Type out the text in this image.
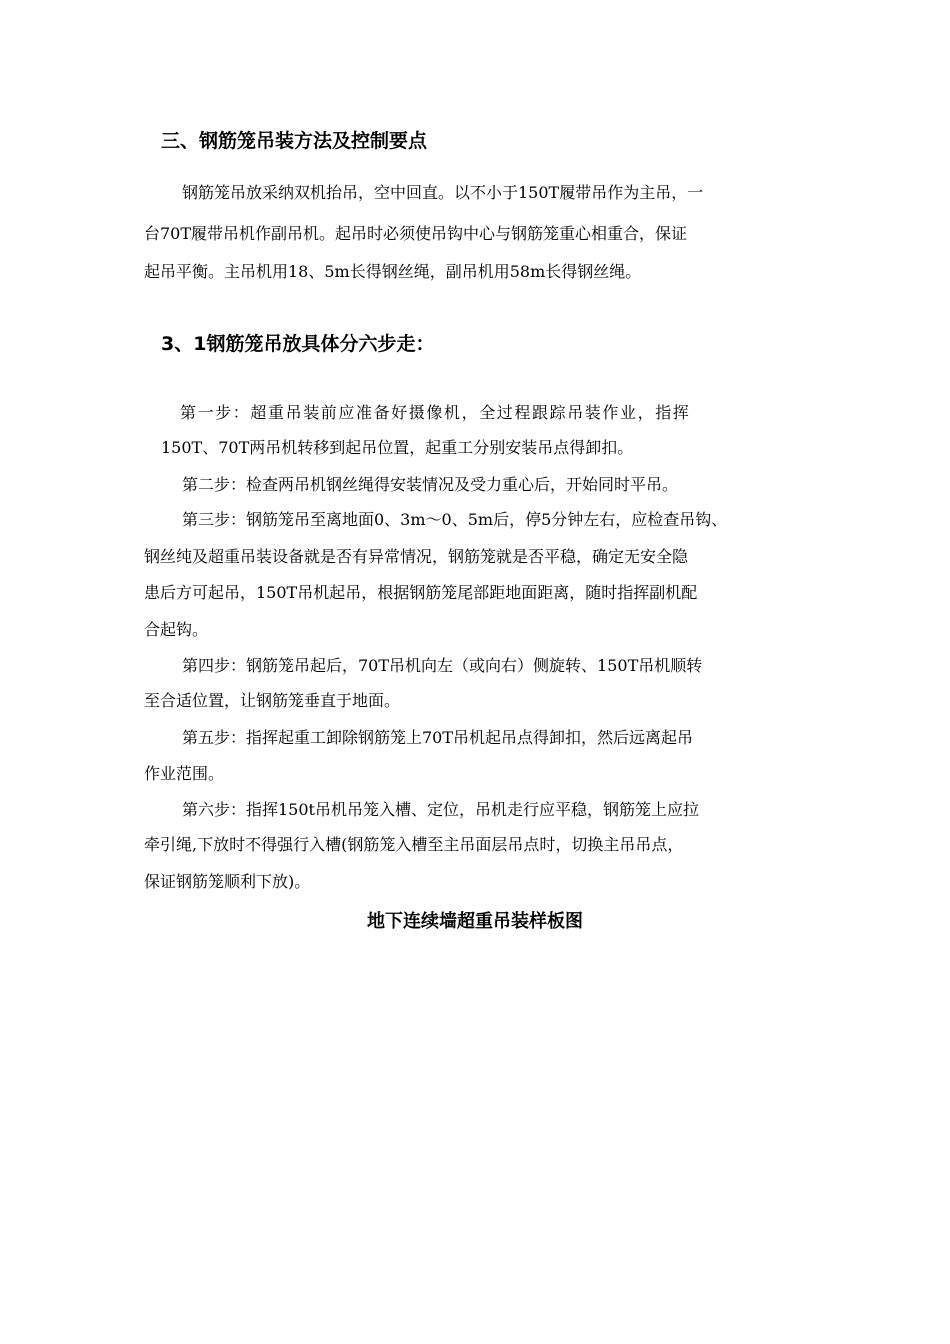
三、钢筋笼吊装方法及控制要点
钢筋笼吊放采纳双机抬吊，空中回直。以不小于150T履带吊作为主吊，一
台70T履带吊机作副吊机。起吊时必须使吊钩中心与钢筋笼重心相重合，保证
起吊平衡。主吊机用18、5m长得钢丝绳，副吊机用58m长得钢丝绳。
3、1钢筋笼吊放具体分六步走：
第一步：超重吊装前应准备好摄像机，全过程跟踪吊装作业，指挥
150T、70T两吊机转移到起吊位置，起重工分别安装吊点得卸扣。
第二步：检查两吊机钢丝绳得安装情况及受力重心后，开始同时平吊。
第三步：钢筋笼吊至离地面0、3m～0、5m后，停5分钟左右，应检查吊钩、
钢丝纯及超重吊装设备就是否有异常情况，钢筋笼就是否平稳，确定无安全隐
患后方可起吊，150T吊机起吊，根据钢筋笼尾部距地面距离，随时指挥副机配
合起钩。
第四步：钢筋笼吊起后，70T吊机向左（或向右）侧旋转、150T吊机顺转
至合适位置，让钢筋笼垂直于地面。
第五步：指挥起重工卸除钢筋笼上70T吊机起吊点得卸扣，然后远离起吊
作业范围。
第六步：指挥150t吊机吊笼入槽、定位，吊机走行应平稳，钢筋笼上应拉
牵引绳,下放时不得强行入槽(钢筋笼入槽至主吊面层吊点时，切换主吊吊点，
保证钢筋笼顺利下放)。
地下连续墙超重吊装样板图
